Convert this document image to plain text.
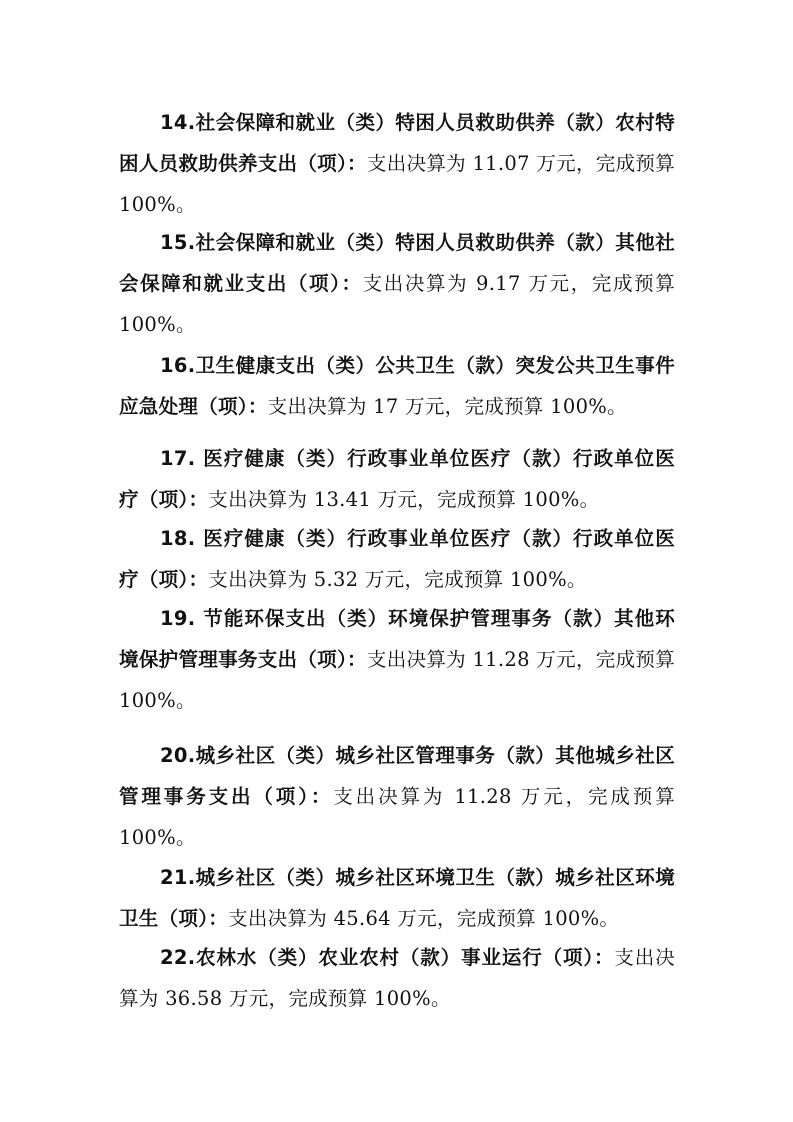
14.社会保障和就业（类）特困人员救助供养（款）农村特困人员救助供养支出（项）：支出决算为 11.07 万元，完成预算 100%。

15.社会保障和就业（类）特困人员救助供养（款）其他社会保障和就业支出（项）：支出决算为 9.17 万元，完成预算 100%。

16.卫生健康支出（类）公共卫生（款）突发公共卫生事件应急处理（项）：支出决算为 17 万元，完成预算 100%。

17. 医疗健康（类）行政事业单位医疗（款）行政单位医疗（项）：支出决算为 13.41 万元，完成预算 100%。

18. 医疗健康（类）行政事业单位医疗（款）行政单位医疗（项）：支出决算为 5.32 万元，完成预算 100%。

19. 节能环保支出（类）环境保护管理事务（款）其他环境保护管理事务支出（项）：支出决算为 11.28 万元，完成预算 100%。

20.城乡社区（类）城乡社区管理事务（款）其他城乡社区管理事务支出（项）：支出决算为 11.28 万元，完成预算 100%。

21.城乡社区（类）城乡社区环境卫生（款）城乡社区环境卫生（项）：支出决算为 45.64 万元，完成预算 100%。

22.农林水（类）农业农村（款）事业运行（项）：支出决算为 36.58 万元，完成预算 100%。
